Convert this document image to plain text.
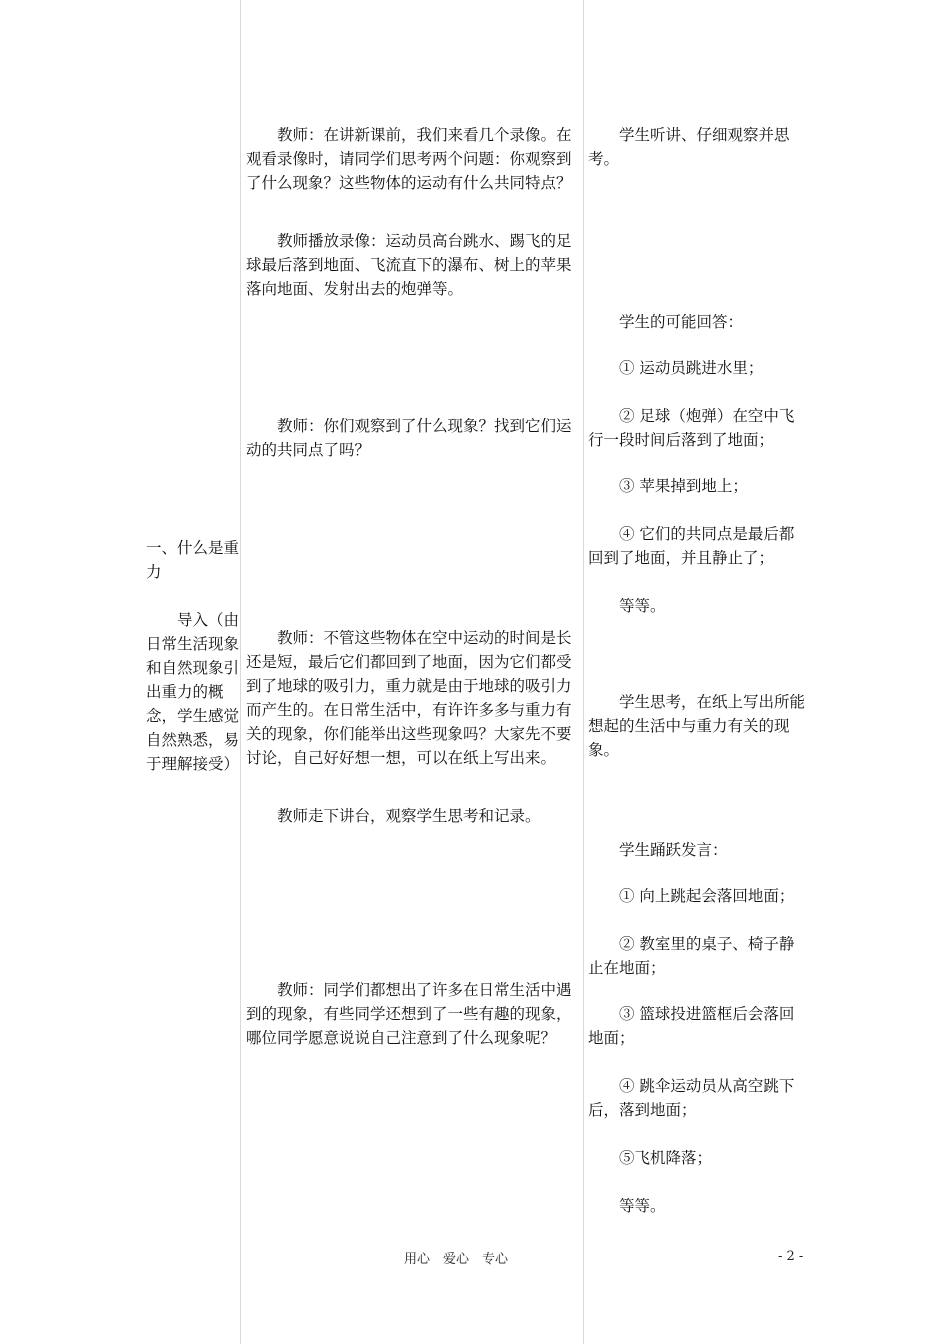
一、什么是重力

导入（由日常生活现象和自然现象引出重力的概念，学生感觉自然熟悉，易于理解接受）

教师：在讲新课前，我们来看几个录像。在观看录像时，请同学们思考两个问题：你观察到了什么现象？这些物体的运动有什么共同特点？

教师播放录像：运动员高台跳水、踢飞的足球最后落到地面、飞流直下的瀑布、树上的苹果落向地面、发射出去的炮弹等。

教师：你们观察到了什么现象？找到它们运动的共同点了吗？

教师：不管这些物体在空中运动的时间是长还是短，最后它们都回到了地面，因为它们都受到了地球的吸引力，重力就是由于地球的吸引力而产生的。在日常生活中，有许许多多与重力有关的现象，你们能举出这些现象吗？大家先不要讨论，自己好好想一想，可以在纸上写出来。

教师走下讲台，观察学生思考和记录。

教师：同学们都想出了许多在日常生活中遇到的现象，有些同学还想到了一些有趣的现象，哪位同学愿意说说自己注意到了什么现象呢？

学生听讲、仔细观察并思考。

学生的可能回答：

① 运动员跳进水里；

② 足球（炮弹）在空中飞行一段时间后落到了地面；

③ 苹果掉到地上；

④ 它们的共同点是最后都回到了地面，并且静止了；

等等。

学生思考，在纸上写出所能想起的生活中与重力有关的现象。

学生踊跃发言：

① 向上跳起会落回地面；

② 教室里的桌子、椅子静止在地面；

③ 篮球投进篮框后会落回地面；

④ 跳伞运动员从高空跳下后，落到地面；

⑤飞机降落；

等等。

用心　爱心　专心	- 2 -
